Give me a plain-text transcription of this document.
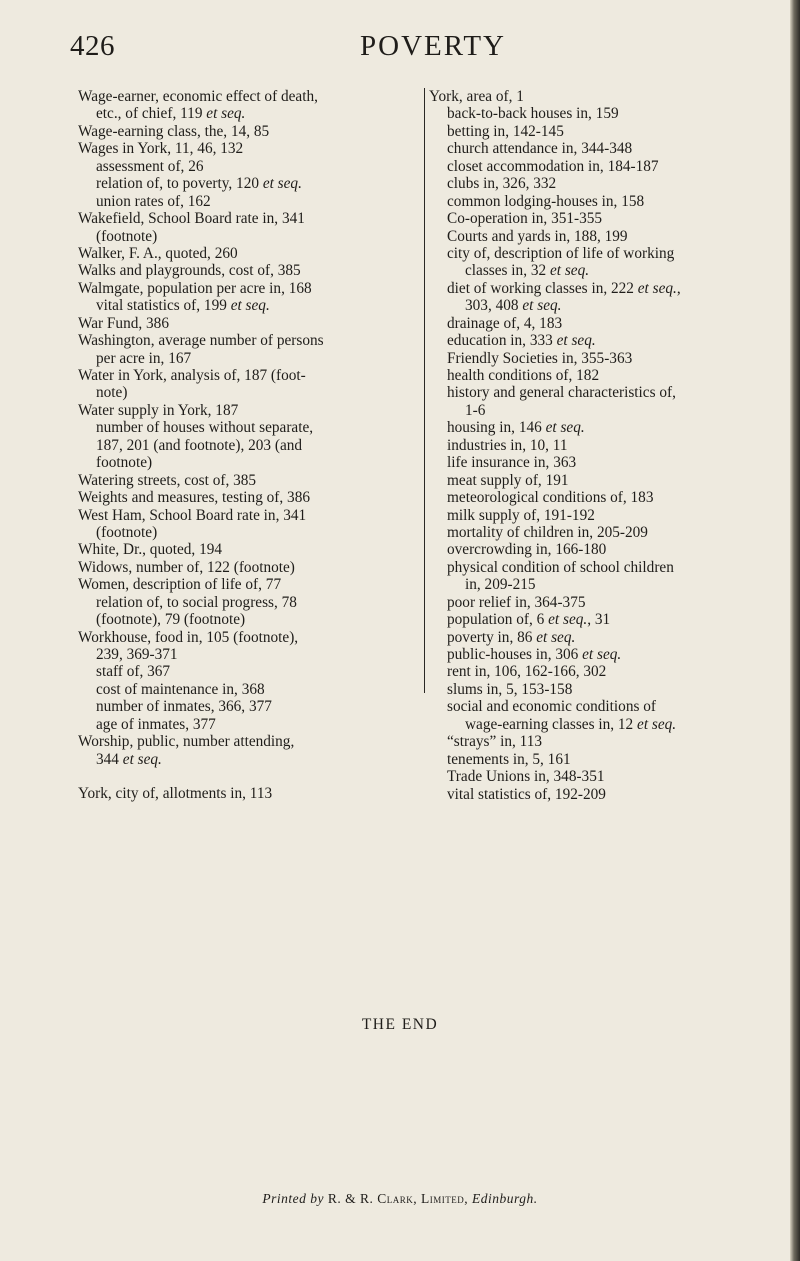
426	POVERTY
Wage-earner, economic effect of death,
etc., of chief, 119 et seq.
Wage-earning class, the, 14, 85
Wages in York, 11, 46, 132
assessment of, 26
relation of, to poverty, 120 et seq.
union rates of, 162
Wakefield, School Board rate in, 341
(footnote)
Walker, F. A., quoted, 260
Walks and playgrounds, cost of, 385
Walmgate, population per acre in, 168
vital statistics of, 199 et seq.
War Fund, 386
Washington, average number of persons
per acre in, 167
Water in York, analysis of, 187 (foot-
note)
Water supply in York, 187
number of houses without separate,
187, 201 (and footnote), 203 (and
footnote)
Watering streets, cost of, 385
Weights and measures, testing of, 386
West Ham, School Board rate in, 341
(footnote)
White, Dr., quoted, 194
Widows, number of, 122 (footnote)
Women, description of life of, 77
relation of, to social progress, 78
(footnote), 79 (footnote)
Workhouse, food in, 105 (footnote),
239, 369-371
staff of, 367
cost of maintenance in, 368
number of inmates, 366, 377
age of inmates, 377
Worship, public, number attending,
344 et seq.
York, city of, allotments in, 113
York, area of, 1
back-to-back houses in, 159
betting in, 142-145
church attendance in, 344-348
closet accommodation in, 184-187
clubs in, 326, 332
common lodging-houses in, 158
Co-operation in, 351-355
Courts and yards in, 188, 199
city of, description of life of working
classes in, 32 et seq.
diet of working classes in, 222 et seq.,
303, 408 et seq.
drainage of, 4, 183
education in, 333 et seq.
Friendly Societies in, 355-363
health conditions of, 182
history and general characteristics of,
1-6
housing in, 146 et seq.
industries in, 10, 11
life insurance in, 363
meat supply of, 191
meteorological conditions of, 183
milk supply of, 191-192
mortality of children in, 205-209
overcrowding in, 166-180
physical condition of school children
in, 209-215
poor relief in, 364-375
population of, 6 et seq., 31
poverty in, 86 et seq.
public-houses in, 306 et seq.
rent in, 106, 162-166, 302
slums in, 5, 153-158
social and economic conditions of
wage-earning classes in, 12 et seq.
“strays” in, 113
tenements in, 5, 161
Trade Unions in, 348-351
vital statistics of, 192-209
THE END
Printed by R. & R. Clark, Limited, Edinburgh.
